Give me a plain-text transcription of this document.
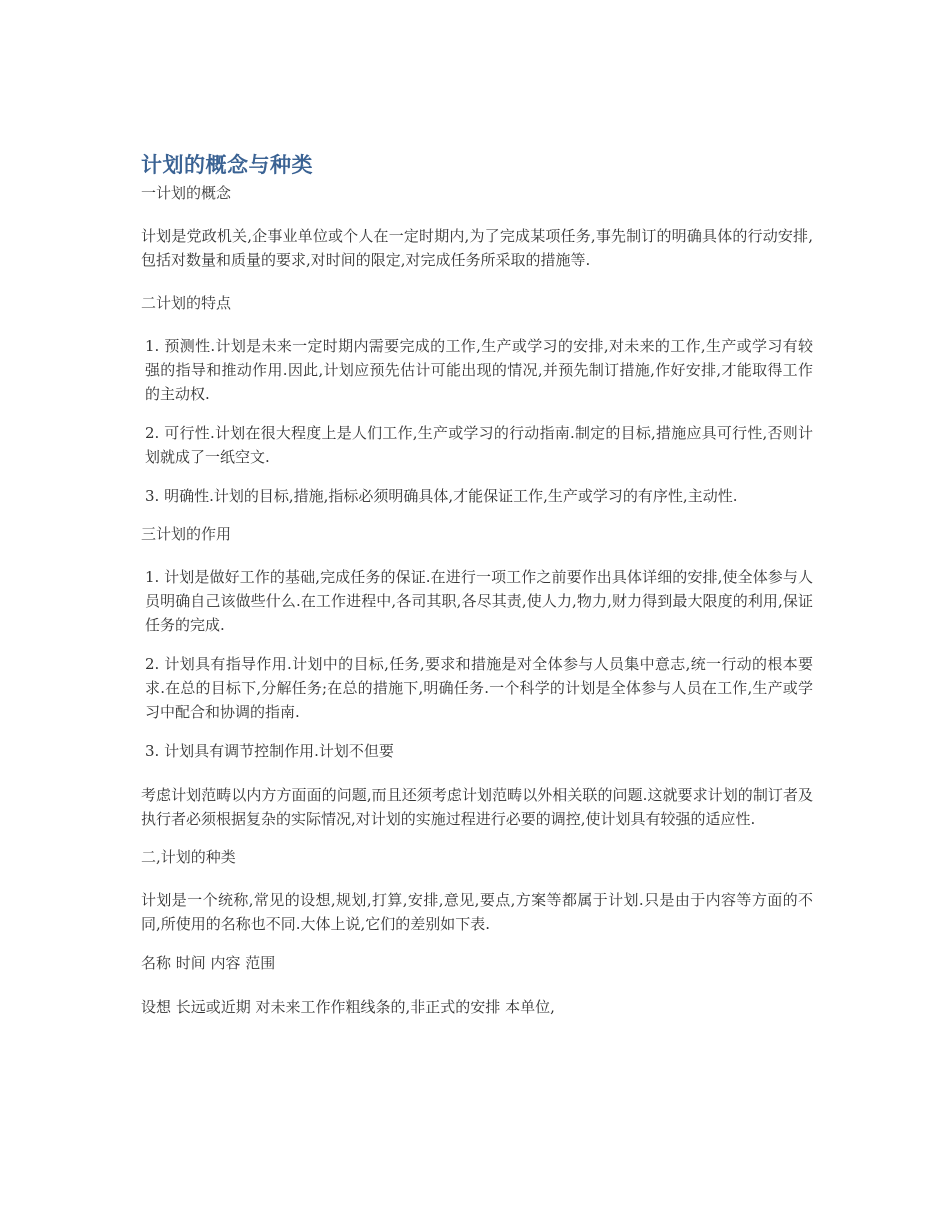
计划的概念与种类
一计划的概念

计划是党政机关,企事业单位或个人在一定时期内,为了完成某项任务,事先制订的明确具体的行动安排,包括对数量和质量的要求,对时间的限定,对完成任务所采取的措施等.

二计划的特点

1. 预测性.计划是未来一定时期内需要完成的工作,生产或学习的安排,对未来的工作,生产或学习有较强的指导和推动作用.因此,计划应预先估计可能出现的情况,并预先制订措施,作好安排,才能取得工作的主动权.

2. 可行性.计划在很大程度上是人们工作,生产或学习的行动指南.制定的目标,措施应具可行性,否则计划就成了一纸空文.

3. 明确性.计划的目标,措施,指标必须明确具体,才能保证工作,生产或学习的有序性,主动性.

三计划的作用

1. 计划是做好工作的基础,完成任务的保证.在进行一项工作之前要作出具体详细的安排,使全体参与人员明确自己该做些什么.在工作进程中,各司其职,各尽其责,使人力,物力,财力得到最大限度的利用,保证任务的完成.

2. 计划具有指导作用.计划中的目标,任务,要求和措施是对全体参与人员集中意志,统一行动的根本要求.在总的目标下,分解任务;在总的措施下,明确任务.一个科学的计划是全体参与人员在工作,生产或学习中配合和协调的指南.

3. 计划具有调节控制作用.计划不但要

考虑计划范畴以内方方面面的问题,而且还须考虑计划范畴以外相关联的问题.这就要求计划的制订者及执行者必须根据复杂的实际情况,对计划的实施过程进行必要的调控,使计划具有较强的适应性.

二,计划的种类

计划是一个统称,常见的设想,规划,打算,安排,意见,要点,方案等都属于计划.只是由于内容等方面的不同,所使用的名称也不同.大体上说,它们的差别如下表.

名称 时间 内容 范围

设想 长远或近期 对未来工作作粗线条的,非正式的安排 本单位,
